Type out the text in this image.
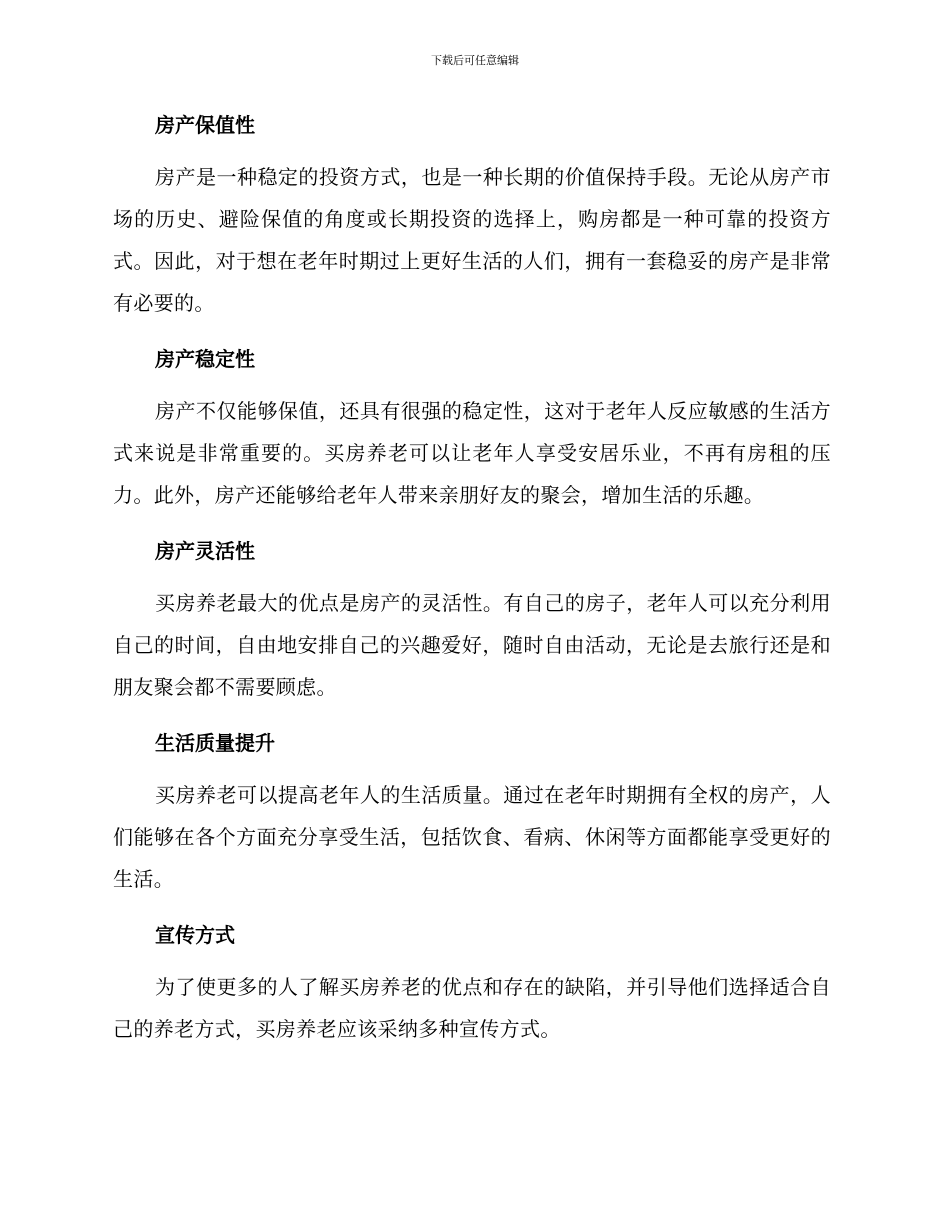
下载后可任意编辑
房产保值性

房产是一种稳定的投资方式，也是一种长期的价值保持手段。无论从房产市场的历史、避险保值的角度或长期投资的选择上，购房都是一种可靠的投资方式。因此，对于想在老年时期过上更好生活的人们，拥有一套稳妥的房产是非常有必要的。

房产稳定性

房产不仅能够保值，还具有很强的稳定性，这对于老年人反应敏感的生活方式来说是非常重要的。买房养老可以让老年人享受安居乐业，不再有房租的压力。此外，房产还能够给老年人带来亲朋好友的聚会，增加生活的乐趣。

房产灵活性

买房养老最大的优点是房产的灵活性。有自己的房子，老年人可以充分利用自己的时间，自由地安排自己的兴趣爱好，随时自由活动，无论是去旅行还是和朋友聚会都不需要顾虑。

生活质量提升

买房养老可以提高老年人的生活质量。通过在老年时期拥有全权的房产，人们能够在各个方面充分享受生活，包括饮食、看病、休闲等方面都能享受更好的生活。

宣传方式

为了使更多的人了解买房养老的优点和存在的缺陷，并引导他们选择适合自己的养老方式，买房养老应该采纳多种宣传方式。
